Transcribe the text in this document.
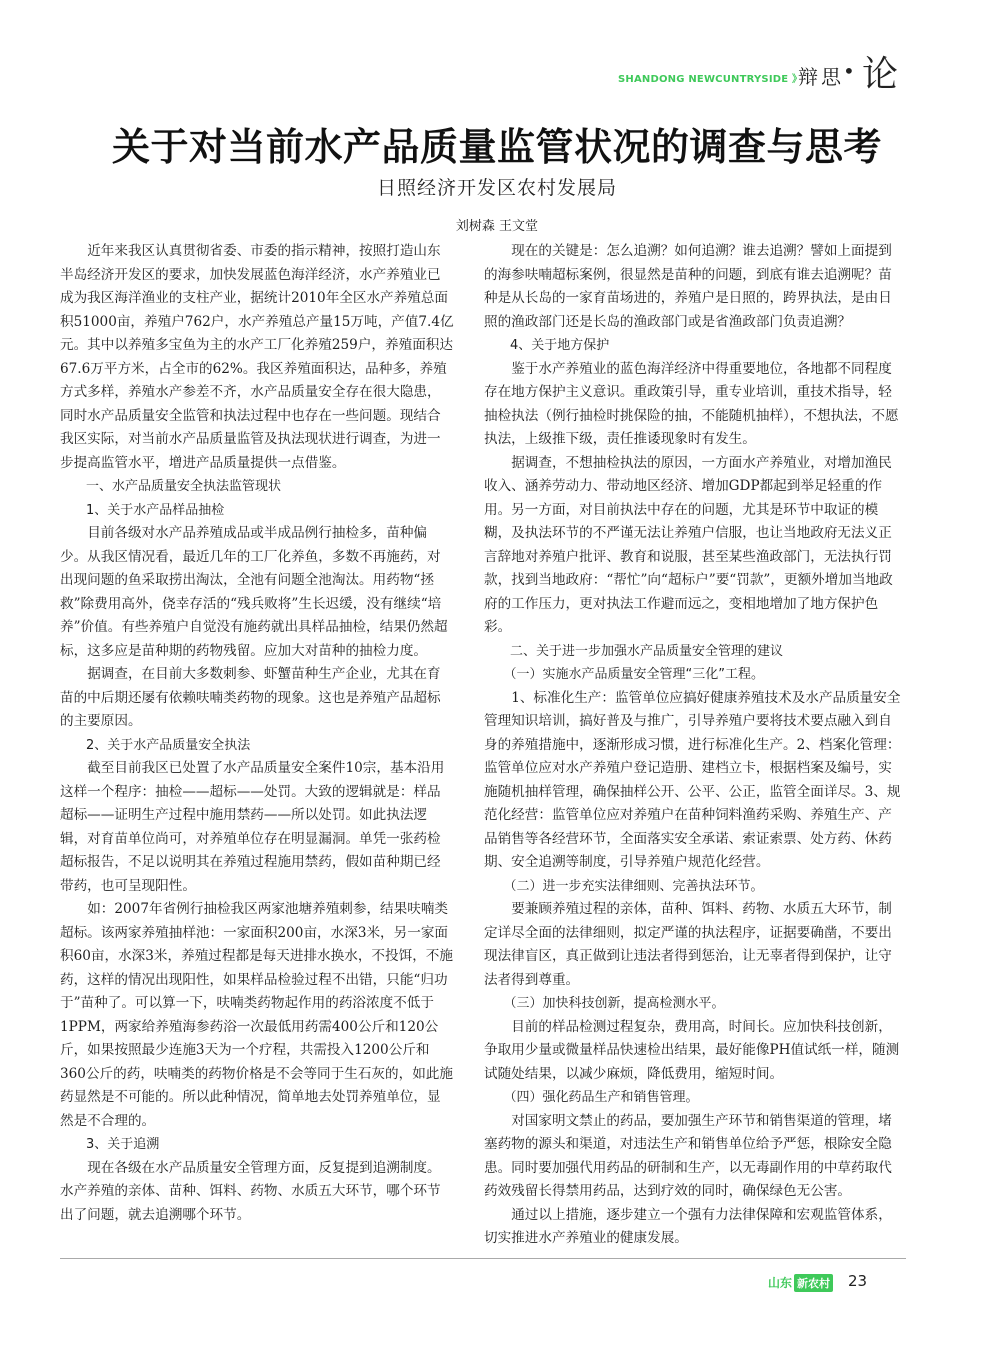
SHANDONG NEWCUNTRYSIDE 》
辩思 • 论
关于对当前水产品质量监管状况的调查与思考
日照经济开发区农村发展局
刘树森 王文堂
近年来我区认真贯彻省委、市委的指示精神，按照打造山东半岛经济开发区的要求，加快发展蓝色海洋经济，水产养殖业已成为我区海洋渔业的支柱产业，据统计2010年全区水产养殖总面积51000亩，养殖户762户，水产养殖总产量15万吨，产值7.4亿元。其中以养殖多宝鱼为主的水产工厂化养殖259户，养殖面积达67.6万平方米，占全市的62%。我区养殖面积达，品种多，养殖方式多样，养殖水产参差不齐，水产品质量安全存在很大隐患，同时水产品质量安全监管和执法过程中也存在一些问题。现结合我区实际，对当前水产品质量监管及执法现状进行调查，为进一步提高监管水平，增进产品质量提供一点借鉴。
一、水产品质量安全执法监管现状
1、关于水产品样品抽检
目前各级对水产品养殖成品或半成品例行抽检多，苗种偏少。从我区情况看，最近几年的工厂化养鱼，多数不再施药，对出现问题的鱼采取捞出淘汰，全池有问题全池淘汰。用药物“拯救”除费用高外，侥幸存活的“残兵败将”生长迟缓，没有继续“培养”价值。有些养殖户自觉没有施药就出具样品抽检，结果仍然超标，这多应是苗种期的药物残留。应加大对苗种的抽检力度。
据调查，在目前大多数刺参、虾蟹苗种生产企业，尤其在育苗的中后期还屡有依赖呋喃类药物的现象。这也是养殖产品超标的主要原因。
2、关于水产品质量安全执法
截至目前我区已处置了水产品质量安全案件10宗，基本沿用这样一个程序：抽检——超标——处罚。大致的逻辑就是：样品超标——证明生产过程中施用禁药——所以处罚。如此执法逻辑，对育苗单位尚可，对养殖单位存在明显漏洞。单凭一张药检超标报告，不足以说明其在养殖过程施用禁药，假如苗种期已经带药，也可呈现阳性。
如：2007年省例行抽检我区两家池塘养殖刺参，结果呋喃类超标。该两家养殖抽样池：一家面积200亩，水深3米，另一家面积60亩，水深3米，养殖过程都是每天进排水换水，不投饵，不施药，这样的情况出现阳性，如果样品检验过程不出错，只能“归功于”苗种了。可以算一下，呋喃类药物起作用的药浴浓度不低于1PPM，两家给养殖海参药浴一次最低用药需400公斤和120公斤，如果按照最少连施3天为一个疗程，共需投入1200公斤和360公斤的药，呋喃类的药物价格是不会等同于生石灰的，如此施药显然是不可能的。所以此种情况，简单地去处罚养殖单位，显然是不合理的。
3、关于追溯
现在各级在水产品质量安全管理方面，反复提到追溯制度。水产养殖的亲体、苗种、饵料、药物、水质五大环节，哪个环节出了问题，就去追溯哪个环节。
现在的关键是：怎么追溯？如何追溯？谁去追溯？譬如上面提到的海参呋喃超标案例，很显然是苗种的问题，到底有谁去追溯呢？苗种是从长岛的一家育苗场进的，养殖户是日照的，跨界执法，是由日照的渔政部门还是长岛的渔政部门或是省渔政部门负责追溯？
4、关于地方保护
鉴于水产养殖业的蓝色海洋经济中得重要地位，各地都不同程度存在地方保护主义意识。重政策引导，重专业培训，重技术指导，轻抽检执法（例行抽检时挑保险的抽，不能随机抽样），不想执法，不愿执法，上级推下级，责任推诿现象时有发生。
据调查，不想抽检执法的原因，一方面水产养殖业，对增加渔民收入、涵养劳动力、带动地区经济、增加GDP都起到举足轻重的作用。另一方面，对目前执法中存在的问题，尤其是环节中取证的模糊，及执法环节的不严谨无法让养殖户信服，也让当地政府无法义正言辞地对养殖户批评、教育和说服，甚至某些渔政部门，无法执行罚款，找到当地政府：“帮忙”向“超标户”要“罚款”，更额外增加当地政府的工作压力，更对执法工作避而远之，变相地增加了地方保护色彩。
二、关于进一步加强水产品质量安全管理的建议
（一）实施水产品质量安全管理“三化”工程。
1、标准化生产：监管单位应搞好健康养殖技术及水产品质量安全管理知识培训，搞好普及与推广，引导养殖户要将技术要点融入到自身的养殖措施中，逐渐形成习惯，进行标准化生产。2、档案化管理：监管单位应对水产养殖户登记造册、建档立卡，根据档案及编号，实施随机抽样管理，确保抽样公开、公平、公正，监管全面详尽。3、规范化经营：监管单位应对养殖户在苗种饲料渔药采购、养殖生产、产品销售等各经营环节，全面落实安全承诺、索证索票、处方药、休药期、安全追溯等制度，引导养殖户规范化经营。
（二）进一步充实法律细则、完善执法环节。
要兼顾养殖过程的亲体，苗种、饵料、药物、水质五大环节，制定详尽全面的法律细则，拟定严谨的执法程序，证据要确凿，不要出现法律盲区，真正做到让违法者得到惩治，让无辜者得到保护，让守法者得到尊重。
（三）加快科技创新，提高检测水平。
目前的样品检测过程复杂，费用高，时间长。应加快科技创新，争取用少量或微量样品快速检出结果，最好能像PH值试纸一样，随测试随处结果，以减少麻烦，降低费用，缩短时间。
（四）强化药品生产和销售管理。
对国家明文禁止的药品，要加强生产环节和销售渠道的管理，堵塞药物的源头和渠道，对违法生产和销售单位给予严惩，根除安全隐患。同时要加强代用药品的研制和生产，以无毒副作用的中草药取代药效残留长得禁用药品，达到疗效的同时，确保绿色无公害。
通过以上措施，逐步建立一个强有力法律保障和宏观监管体系，切实推进水产养殖业的健康发展。
山东 新农村 23
